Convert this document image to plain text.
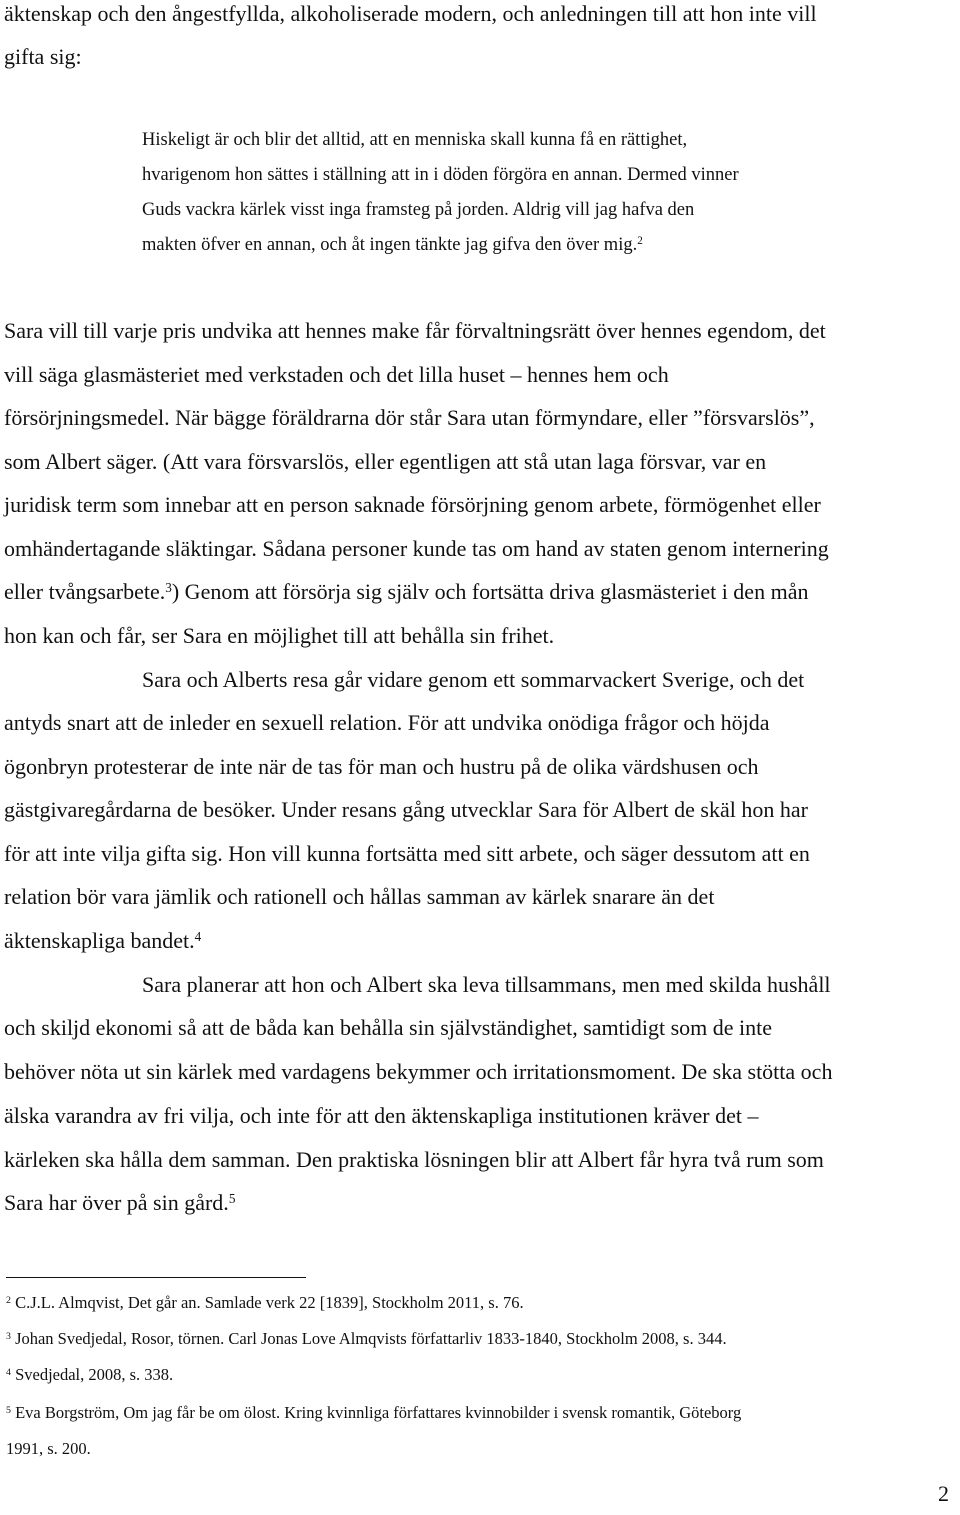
äktenskap och den ångestfyllda, alkoholiserade modern, och anledningen till att hon inte vill
gifta sig:
Hiskeligt är och blir det alltid, att en menniska skall kunna få en rättighet,
hvarigenom hon sättes i ställning att in i döden förgöra en annan. Dermed vinner
Guds vackra kärlek visst inga framsteg på jorden. Aldrig vill jag hafva den
makten öfver en annan, och åt ingen tänkte jag gifva den över mig.$^2$
Sara vill till varje pris undvika att hennes make får förvaltningsrätt över hennes egendom, det
vill säga glasmästeriet med verkstaden och det lilla huset – hennes hem och
försörjningsmedel. När bägge föräldrarna dör står Sara utan förmyndare, eller ”försvarslös”,
som Albert säger. (Att vara försvarslös, eller egentligen att stå utan laga försvar, var en
juridisk term som innebar att en person saknade försörjning genom arbete, förmögenhet eller
omhändertagande släktingar. Sådana personer kunde tas om hand av staten genom internering
eller tvångsarbete.$^3$) Genom att försörja sig själv och fortsätta driva glasmästeriet i den mån
hon kan och får, ser Sara en möjlighet till att behålla sin frihet.
Sara och Alberts resa går vidare genom ett sommarvackert Sverige, och det
antyds snart att de inleder en sexuell relation. För att undvika onödiga frågor och höjda
ögonbryn protesterar de inte när de tas för man och hustru på de olika värdshusen och
gästgivaregårdarna de besöker. Under resans gång utvecklar Sara för Albert de skäl hon har
för att inte vilja gifta sig. Hon vill kunna fortsätta med sitt arbete, och säger dessutom att en
relation bör vara jämlik och rationell och hållas samman av kärlek snarare än det
äktenskapliga bandet.$^4$
Sara planerar att hon och Albert ska leva tillsammans, men med skilda hushåll
och skiljd ekonomi så att de båda kan behålla sin självständighet, samtidigt som de inte
behöver nöta ut sin kärlek med vardagens bekymmer och irritationsmoment. De ska stötta och
älska varandra av fri vilja, och inte för att den äktenskapliga institutionen kräver det –
kärleken ska hålla dem samman. Den praktiska lösningen blir att Albert får hyra två rum som
Sara har över på sin gård.$^5$
$^2$ C.J.L. Almqvist, Det går an. Samlade verk 22 [1839], Stockholm 2011, s. 76.
$^3$ Johan Svedjedal, Rosor, törnen. Carl Jonas Love Almqvists författarliv 1833-1840, Stockholm 2008, s. 344.
$^4$ Svedjedal, 2008, s. 338.
$^5$ Eva Borgström, Om jag får be om ölost. Kring kvinnliga författares kvinnobilder i svensk romantik, Göteborg
1991, s. 200.
2
